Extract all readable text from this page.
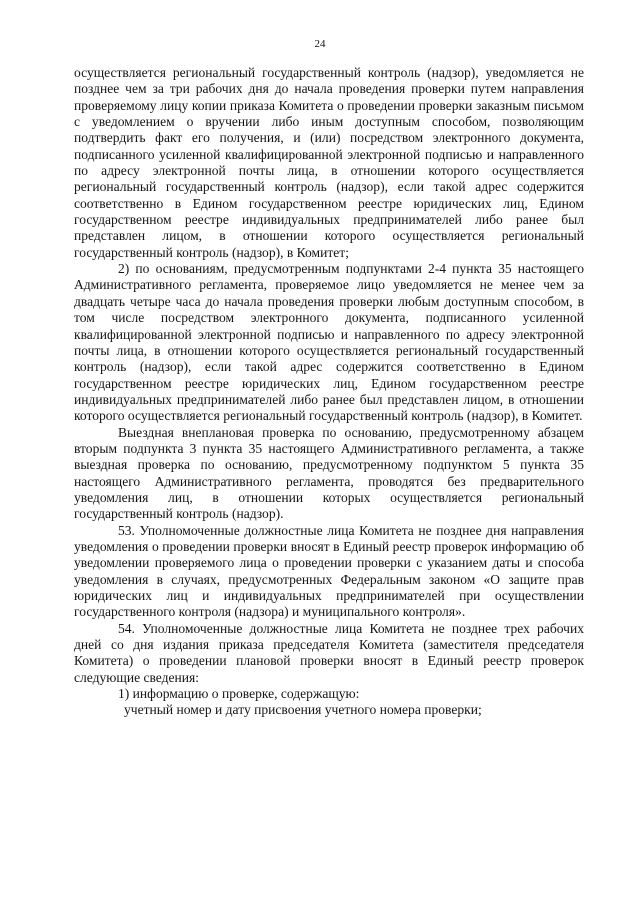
24

осуществляется региональный государственный контроль (надзор), уведомляется не позднее чем за три рабочих дня до начала проведения проверки путем направления проверяемому лицу копии приказа Комитета о проведении проверки заказным письмом с уведомлением о вручении либо иным доступным способом, позволяющим подтвердить факт его получения, и (или) посредством электронного документа, подписанного усиленной квалифицированной электронной подписью и направленного по адресу электронной почты лица, в отношении которого осуществляется региональный государственный контроль (надзор), если такой адрес содержится соответственно в Едином государственном реестре юридических лиц, Едином государственном реестре индивидуальных предпринимателей либо ранее был представлен лицом, в отношении которого осуществляется региональный государственный контроль (надзор), в Комитет;

2) по основаниям, предусмотренным подпунктами 2-4 пункта 35 настоящего Административного регламента, проверяемое лицо уведомляется не менее чем за двадцать четыре часа до начала проведения проверки любым доступным способом, в том числе посредством электронного документа, подписанного усиленной квалифицированной электронной подписью и направленного по адресу электронной почты лица, в отношении которого осуществляется региональный государственный контроль (надзор), если такой адрес содержится соответственно в Едином государственном реестре юридических лиц, Едином государственном реестре индивидуальных предпринимателей либо ранее был представлен лицом, в отношении которого осуществляется региональный государственный контроль (надзор), в Комитет.

Выездная внеплановая проверка по основанию, предусмотренному абзацем вторым подпункта 3 пункта 35 настоящего Административного регламента, а также выездная проверка по основанию, предусмотренному подпунктом 5 пункта 35 настоящего Административного регламента, проводятся без предварительного уведомления лиц, в отношении которых осуществляется региональный государственный контроль (надзор).

53. Уполномоченные должностные лица Комитета не позднее дня направления уведомления о проведении проверки вносят в Единый реестр проверок информацию об уведомлении проверяемого лица о проведении проверки с указанием даты и способа уведомления в случаях, предусмотренных Федеральным законом «О защите прав юридических лиц и индивидуальных предпринимателей при осуществлении государственного контроля (надзора) и муниципального контроля».

54. Уполномоченные должностные лица Комитета не позднее трех рабочих дней со дня издания приказа председателя Комитета (заместителя председателя Комитета) о проведении плановой проверки вносят в Единый реестр проверок следующие сведения:

1) информацию о проверке, содержащую:

учетный номер и дату присвоения учетного номера проверки;
